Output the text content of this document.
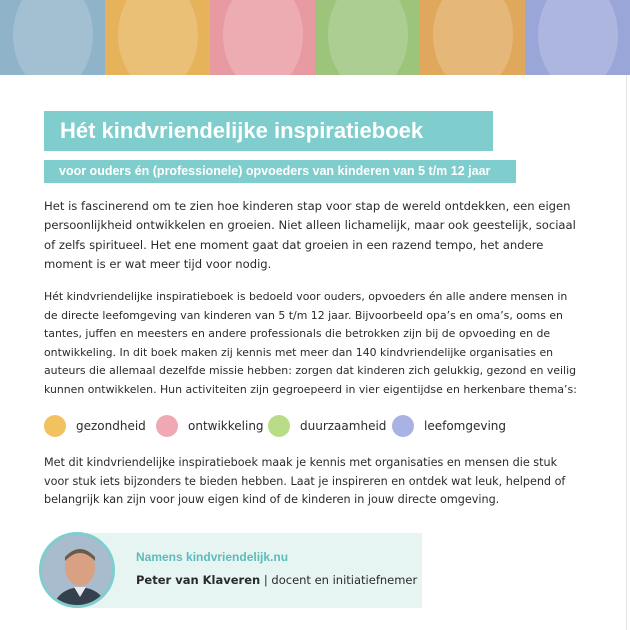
Hét kindvriendelijke inspiratieboek
voor ouders én (professionele) opvoeders van kinderen van 5 t/m 12 jaar
Het is fascinerend om te zien hoe kinderen stap voor stap de wereld ontdekken, een eigen persoonlijkheid ontwikkelen en groeien. Niet alleen lichamelijk, maar ook geestelijk, sociaal of zelfs spiritueel. Het ene moment gaat dat groeien in een razend tempo, het andere moment is er wat meer tijd voor nodig.
Hét kindvriendelijke inspiratieboek is bedoeld voor ouders, opvoeders én alle andere mensen in de directe leefomgeving van kinderen van 5 t/m 12 jaar. Bijvoorbeeld opa’s en oma’s, ooms en tantes, juffen en meesters en andere professionals die betrokken zijn bij de opvoeding en de ontwikkeling. In dit boek maken zij kennis met meer dan 140 kindvriendelijke organisaties en auteurs die allemaal dezelfde missie hebben: zorgen dat kinderen zich gelukkig, gezond en veilig kunnen ontwikkelen. Hun activiteiten zijn gegroepeerd in vier eigentijdse en herkenbare thema’s:
gezondheid	ontwikkeling	duurzaamheid	leefomgeving
Met dit kindvriendelijke inspiratieboek maak je kennis met organisaties en mensen die stuk voor stuk iets bijzonders te bieden hebben. Laat je inspireren en ontdek wat leuk, helpend of belangrijk kan zijn voor jouw eigen kind of de kinderen in jouw directe omgeving.
Namens kindvriendelijk.nu
Peter van Klaveren | docent en initiatiefnemer
